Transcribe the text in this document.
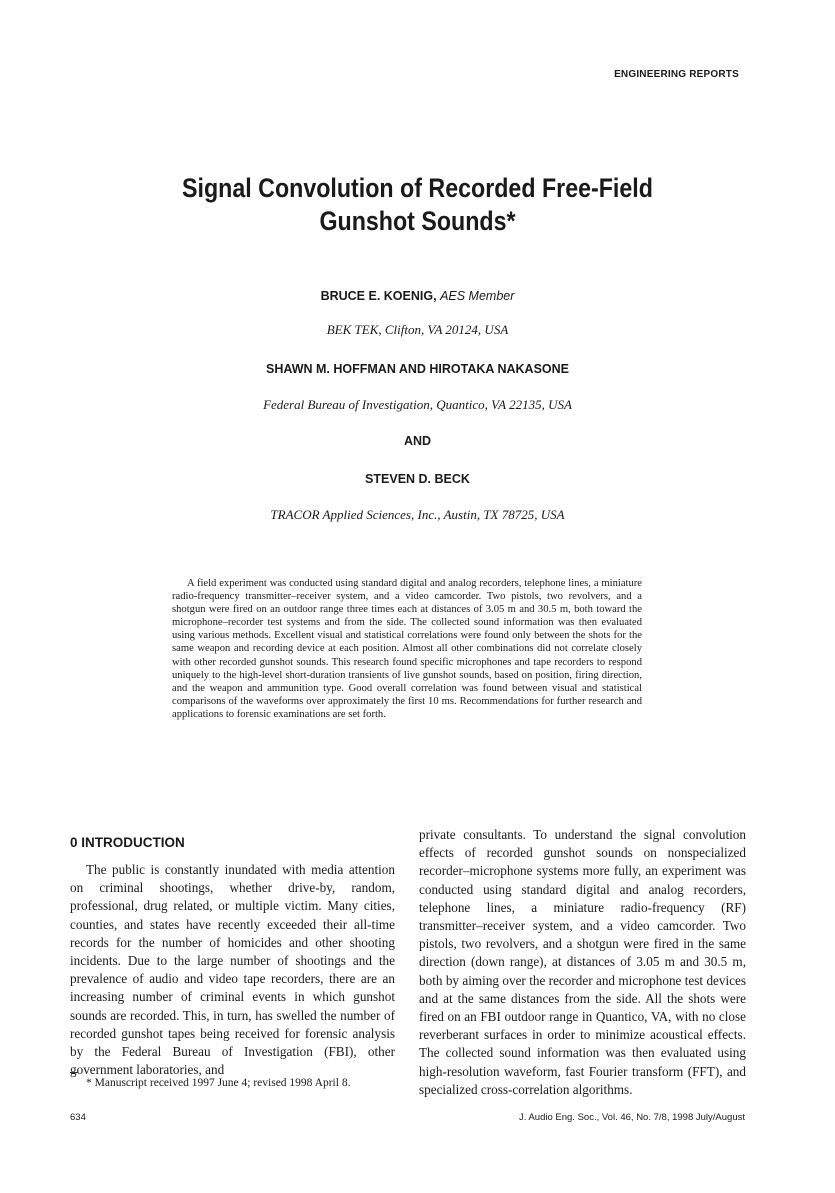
ENGINEERING REPORTS
Signal Convolution of Recorded Free-Field
Gunshot Sounds*
BRUCE E. KOENIG, AES Member
BEK TEK, Clifton, VA 20124, USA
SHAWN M. HOFFMAN AND HIROTAKA NAKASONE
Federal Bureau of Investigation, Quantico, VA 22135, USA
AND
STEVEN D. BECK
TRACOR Applied Sciences, Inc., Austin, TX 78725, USA
A field experiment was conducted using standard digital and analog recorders, telephone lines, a miniature radio-frequency transmitter–receiver system, and a video camcorder. Two pistols, two revolvers, and a shotgun were fired on an outdoor range three times each at distances of 3.05 m and 30.5 m, both toward the microphone–recorder test systems and from the side. The collected sound information was then evaluated using various methods. Excellent visual and statistical correlations were found only between the shots for the same weapon and recording device at each position. Almost all other combinations did not correlate closely with other recorded gunshot sounds. This research found specific microphones and tape recorders to respond uniquely to the high-level short-duration transients of live gunshot sounds, based on position, firing direction, and the weapon and ammunition type. Good overall correlation was found between visual and statistical comparisons of the waveforms over approximately the first 10 ms. Recommendations for further research and applications to forensic examinations are set forth.
0 INTRODUCTION
The public is constantly inundated with media attention on criminal shootings, whether drive-by, random, professional, drug related, or multiple victim. Many cities, counties, and states have recently exceeded their all-time records for the number of homicides and other shooting incidents. Due to the large number of shootings and the prevalence of audio and video tape recorders, there are an increasing number of criminal events in which gunshot sounds are recorded. This, in turn, has swelled the number of recorded gunshot tapes being received for forensic analysis by the Federal Bureau of Investigation (FBI), other government laboratories, and
private consultants. To understand the signal convolution effects of recorded gunshot sounds on nonspecialized recorder–microphone systems more fully, an experiment was conducted using standard digital and analog recorders, telephone lines, a miniature radio-frequency (RF) transmitter–receiver system, and a video camcorder. Two pistols, two revolvers, and a shotgun were fired in the same direction (down range), at distances of 3.05 m and 30.5 m, both by aiming over the recorder and microphone test devices and at the same distances from the side. All the shots were fired on an FBI outdoor range in Quantico, VA, with no close reverberant surfaces in order to minimize acoustical effects. The collected sound information was then evaluated using high-resolution waveform, fast Fourier transform (FFT), and specialized cross-correlation algorithms.
* Manuscript received 1997 June 4; revised 1998 April 8.
634	J. Audio Eng. Soc., Vol. 46, No. 7/8, 1998 July/August
